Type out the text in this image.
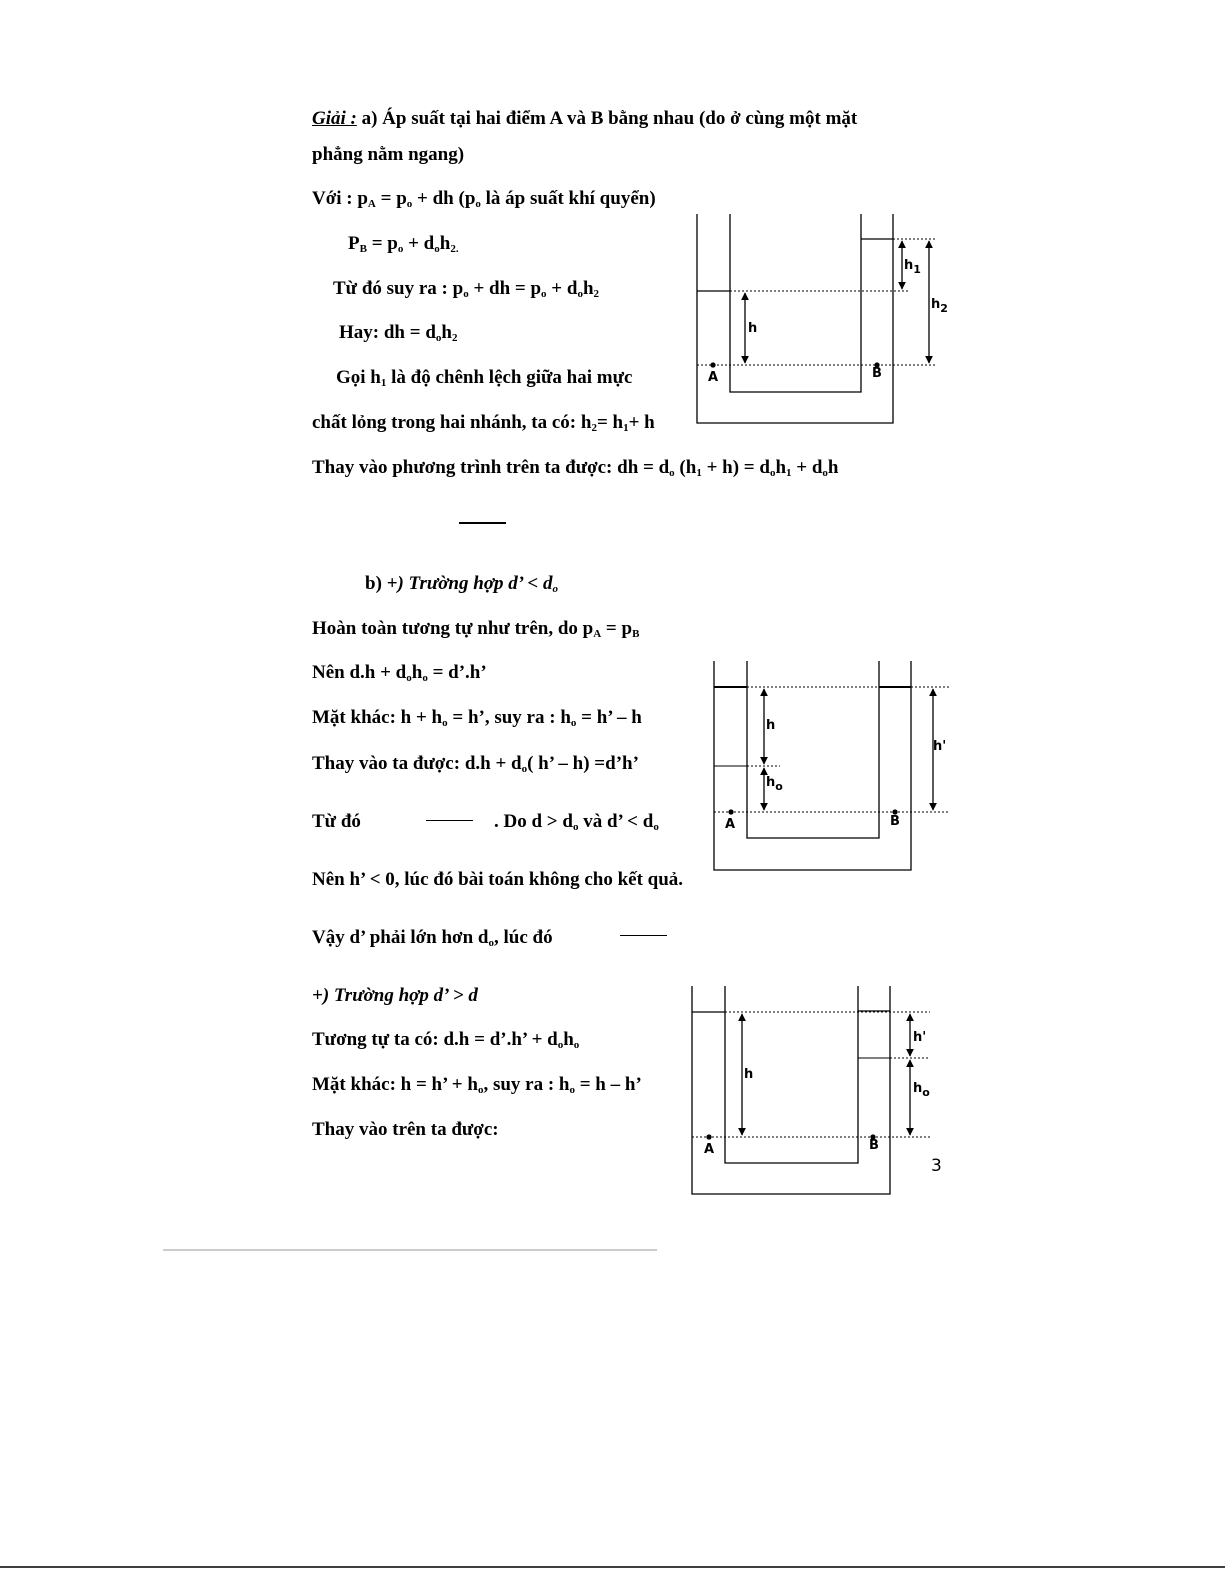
Giải : a) Áp suất tại hai điểm A và B bằng nhau (do ở cùng một mặt
phẳng nằm ngang)
Với : $p_A = p_o$ + dh ($p_o$ là áp suất khí quyển)
$P_B = p_o + d_oh_{2.}$
Từ đó suy ra : $p_o$ + dh = $p_o + d_oh_2$
Hay: dh = $d_oh_2$
Gọi $h_1$ là độ chênh lệch giữa hai mực
chất lỏng trong hai nhánh, ta có: $h_2= h_1+ h$
Thay vào phương trình trên ta được: dh = $d_o$ $(h_1 + h) = d_oh_1 + d_oh$
b) +) Trường hợp d’ < $d_o$
Hoàn toàn tương tự như trên, do $p_A = p_B$
Nên $d.h + d_oh_o$ = d’.h’
Mặt khác: $h + h_o = h$’, suy ra : $h_o = h$’ – h
Thay vào ta được: $d.h + d_o$( h’ – h) =d’h’
Từ đó	. Do $d > d_o$ và d’ < $d_o$
Nên h’ < 0, lúc đó bài toán không cho kết quả.
Vậy d’ phải lớn hơn $d_o$, lúc đó
+) Trường hợp d’ > d
Tương tự ta có: d.h = d’.h’ + $d_oh_o$
Mặt khác: h = h’ + $h_o$, suy ra : $h_o = h - h$’
Thay vào trên ta được:
A	B
h
$h_1$
$h_2$
A	B
h
$h_o$
h'
A	B
h
h'
$h_o$
3
